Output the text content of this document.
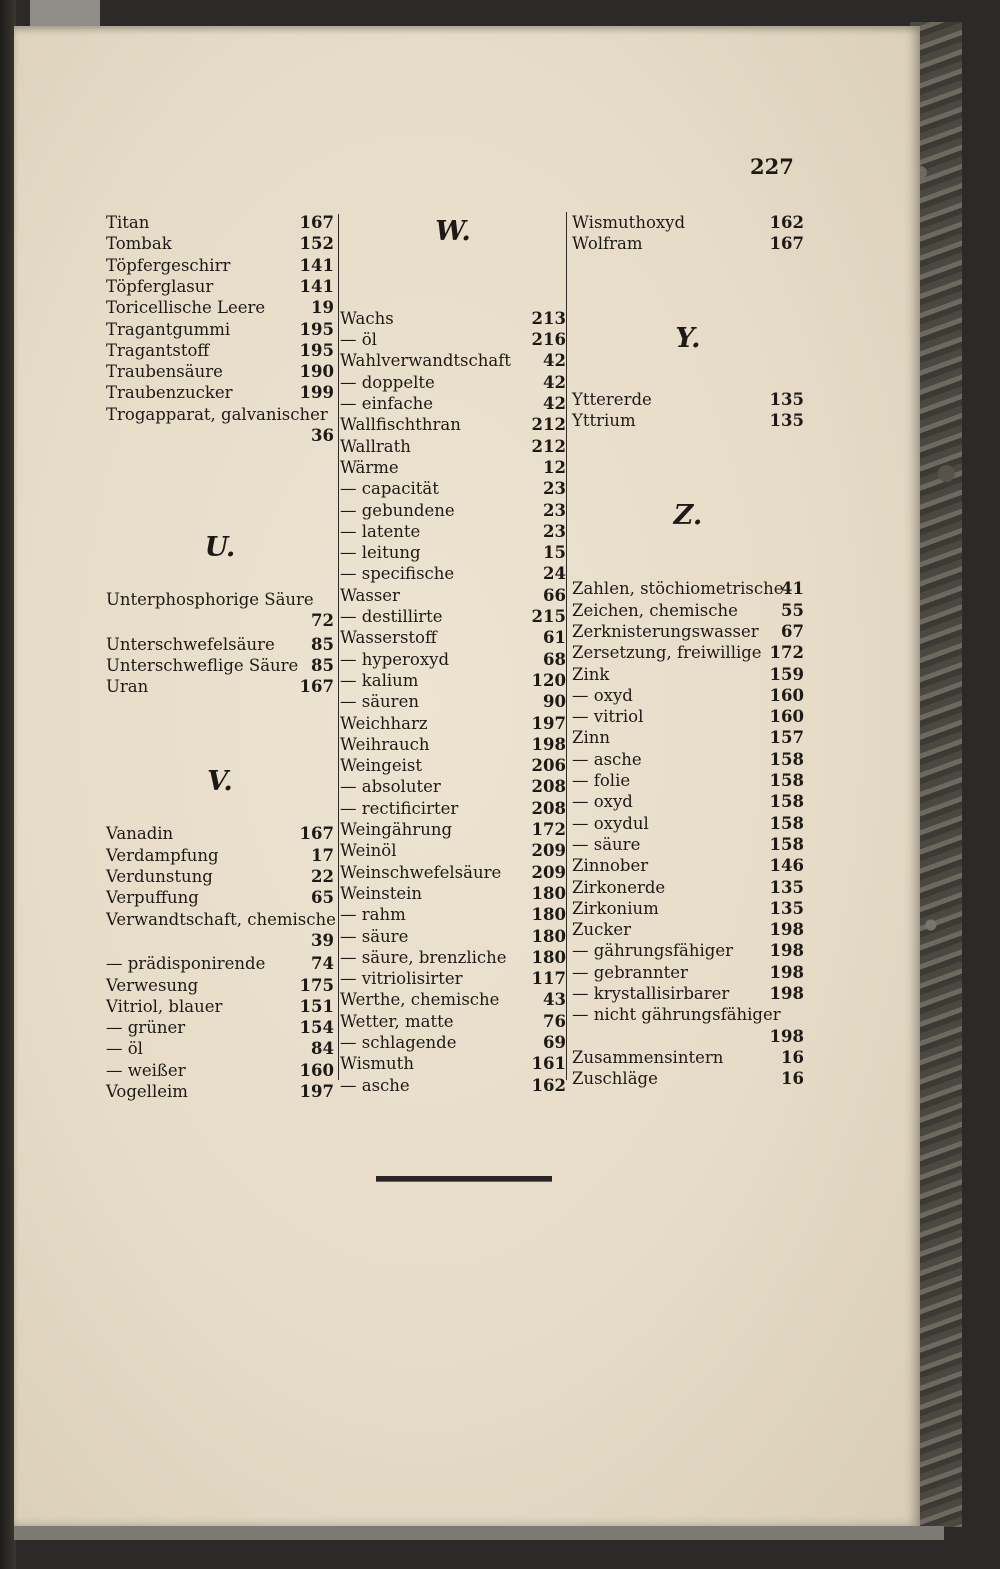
227
Titan	167
Tombak	152
Töpfergeschirr	141
Töpferglasur	141
Toricellische Leere	19
Tragantgummi	195
Tragantstoff	195
Traubensäure	190
Traubenzucker	199
Trogapparat, galvanischer
36
U.
Unterphosphorige Säure
72
Unterschwefelsäure 85
Unterschweflige Säure 85
Uran	167
V.
Vanadin	167
Verdampfung	17
Verdunstung	22
Verpuffung	65
Verwandtschaft, chemische
39
— prädisponirende	74
Verwesung	175
Vitriol, blauer	151
— grüner	154
— öl	84
— weißer	160
Vogelleim	197
W.
Wachs	213
— öl	216
Wahlverwandtschaft 42
— doppelte	42
— einfache	42
Wallfischthran	212
Wallrath	212
Wärme	12
— capacität	23
— gebundene	23
— latente	23
— leitung	15
— specifische	24
Wasser	66
— destillirte	215
Wasserstoff	61
— hyperoxyd	68
— kalium	120
— säuren	90
Weichharz	197
Weihrauch	198
Weingeist	206
— absoluter	208
— rectificirter	208
Weingährung	172
Weinöl	209
Weinschwefelsäure 209
Weinstein	180
— rahm	180
— säure	180
— säure, brenzliche 180
— vitriolisirter	117
Werthe, chemische	43
Wetter, matte	76
— schlagende	69
Wismuth	161
— asche	162
Wismuthoxyd	162
Wolfram	167
Y.
Yttererde	135
Yttrium	135
Z.
Zahlen, stöchiometrische
41
Zeichen, chemische	55
Zerknisterungswasser 67
Zersetzung, freiwillige 172
Zink	159
— oxyd	160
— vitriol	160
Zinn	157
— asche	158
— folie	158
— oxyd	158
— oxydul	158
— säure	158
Zinnober	146
Zirkonerde	135
Zirkonium	135
Zucker	198
— gährungsfähiger 198
— gebrannter	198
— krystallisirbarer 198
— nicht gährungsfähiger
198
Zusammensintern	16
Zuschläge	16
